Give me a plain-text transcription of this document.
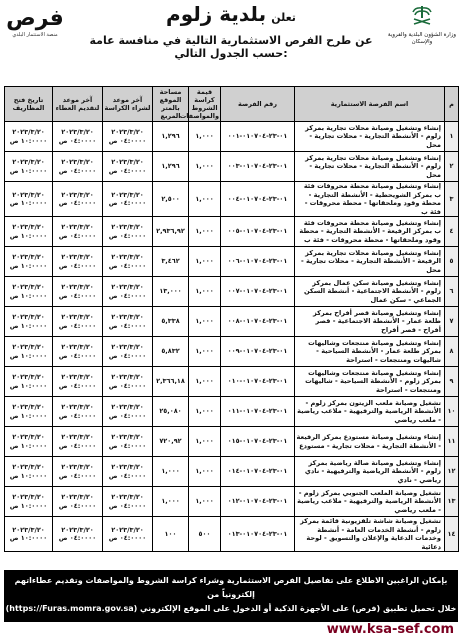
فرص
منصة الاستثمار البلدي
تعلن بلدية زلوم
عن طرح الفرص الاستثمارية التالية في منافسة عامة حسب الجدول التالي:
وزارة الشؤون البلدية والقروية والإسكان
م	اسم الفرصة الاستثمارية	رقم الفرصة	قيمة كراسة الشروط والمواصفات	مساحة الموقع بالمتر المربع	آخر موعد لشراء الكراسة	آخر موعد لتقديم العطاء	تاريخ فتح المظاريف
١	إنشاء وتشغيل وصيانة محلات تجارية بمركز زلوم - الأنشطة التجارية - محلات تجارية - محل	٠١-٢٣-٠١٠٧٠٤-٠٠١	١,٠٠٠	١,٢٩٦	٢٠٢٣/٣/٢٠ ٠٤:٠٠٠٠ ص	٢٠٢٣/٣/٢٠ ٠٤:٠٠٠٠ ص	٢٠٢٣/٣/٢٠ ١٠:٠٠٠٠ ص
٢	إنشاء وتشغيل وصيانة محلات تجارية بمركز زلوم - الأنشطة التجارية - محلات تجارية - محل	٠١-٢٣-٠١٠٧٠٤-٠٠٣	١,٠٠٠	١,٢٩٦	٢٠٢٣/٣/٢٠ ٠٤:٠٠٠٠ ص	٢٠٢٣/٣/٢٠ ٠٤:٠٠٠٠ ص	٢٠٢٣/٣/٢٠ ١٠:٠٠٠٠ ص
٣	إنشاء وتشغيل وصيانة محطة محروقات فئة ب بمركز الشويحطية - الأنشطة التجارية - محطة وقود وملحقاتها - محطة محروقات - فئة ب	٠١-٢٣-٠١٠٧٠٤-٠٠٤	١,٠٠٠	٢,٥٠٠	٢٠٢٣/٣/٢٠ ٠٤:٠٠٠٠ ص	٢٠٢٣/٣/٢٠ ٠٤:٠٠٠٠ ص	٢٠٢٣/٣/٢٠ ١٠:٠٠٠٠ ص
٤	إنشاء وتشغيل وصيانة محطة محروقات فئة ب بمركز الرفيعة - الأنشطة التجارية - محطة وقود وملحقاتها - محطة محروقات - فئة ب	٠١-٢٣-٠١٠٧٠٤-٠٠٥	١,٠٠٠	٢,٩٣٦,٩٢	٢٠٢٣/٣/٢٠ ٠٤:٠٠٠٠ ص	٢٠٢٣/٣/٢٠ ٠٤:٠٠٠٠ ص	٢٠٢٣/٣/٢٠ ١٠:٠٠٠٠ ص
٥	إنشاء وتشغيل وصيانة محلات تجارية بمركز الرفيعة - الأنشطة التجارية - محلات تجارية - محل	٠١-٢٣-٠١٠٧٠٤-٠٠٦	١,٠٠٠	٣,٤٦٢	٢٠٢٣/٣/٢٠ ٠٤:٠٠٠٠ ص	٢٠٢٣/٣/٢٠ ٠٤:٠٠٠٠ ص	٢٠٢٣/٣/٢٠ ١٠:٠٠٠٠ ص
٦	إنشاء وتشغيل وصيانة سكن عمال بمركز زلوم - الأنشطة الاجتماعية - أنشطة السكن الجماعي - سكن عمال	٠١-٢٣-٠١٠٧٠٤-٠٠٧	١,٠٠٠	١٣,٠٠٠	٢٠٢٣/٣/٢٠ ٠٤:٠٠٠٠ ص	٢٠٢٣/٣/٢٠ ٠٤:٠٠٠٠ ص	٢٠٢٣/٣/٢٠ ١٠:٠٠٠٠ ص
٧	إنشاء وتشغيل وصيانة قصر أفراح بمركز طلعة عمار - الأنشطة الاجتماعية - قصر أفراح - قصر أفراح	٠١-٢٣-٠١٠٧٠٤-٠٠٨	١,٠٠٠	٥,٣٣٨	٢٠٢٣/٣/٢٠ ٠٤:٠٠٠٠ ص	٢٠٢٣/٣/٢٠ ٠٤:٠٠٠٠ ص	٢٠٢٣/٣/٢٠ ١٠:٠٠٠٠ ص
٨	إنشاء وتشغيل وصيانة منتجعات وشاليهات بمركز طلعة عمار - الأنشطة السياحية - شاليهات ومنتجعات - استراحة	٠١-٢٣-٠١٠٧٠٤-٠٠٩	١,٠٠٠	٥,٨٣٢	٢٠٢٣/٣/٢٠ ٠٤:٠٠٠٠ ص	٢٠٢٣/٣/٢٠ ٠٤:٠٠٠٠ ص	٢٠٢٣/٣/٢٠ ١٠:٠٠٠٠ ص
٩	إنشاء وتشغيل وصيانة منتجعات وشاليهات بمركز زلوم - الأنشطة السياحية - شاليهات ومنتجعات - استراحة	٠١-٢٣-٠١٠٧٠٤-٠١٠	١,٠٠٠	٢,٣٦٦,١٨	٢٠٢٣/٣/٢٠ ٠٤:٠٠٠٠ ص	٢٠٢٣/٣/٢٠ ٠٤:٠٠٠٠ ص	٢٠٢٣/٣/٢٠ ١٠:٠٠٠٠ ص
١٠	تشغيل وصيانة ملعب الزيتون بمركز زلوم - الأنشطة الرياضية والترفيهية - ملاعب رياضية - ملعب رياضي	٠١-٢٣-٠١٠٧٠٤-٠١١	١,٠٠٠	٢٥,٠٨٠	٢٠٢٣/٣/٢٠ ٠٤:٠٠٠٠ ص	٢٠٢٣/٣/٢٠ ٠٤:٠٠٠٠ ص	٢٠٢٣/٣/٢٠ ١٠:٠٠٠٠ ص
١١	إنشاء وتشغيل وصيانة مستودع بمركز الرفيعة - الأنشطة التجارية - محلات تجارية - مستودع	٠١-٢٣-٠١٠٧٠٤-٠١٥	١,٠٠٠	٧٢٠,٩٢	٢٠٢٣/٣/٢٠ ٠٤:٠٠٠٠ ص	٢٠٢٣/٣/٢٠ ٠٤:٠٠٠٠ ص	٢٠٢٣/٣/٢٠ ١٠:٠٠٠٠ ص
١٢	إنشاء وتشغيل وصيانة صالة رياضية بمركز زلوم - الأنشطة الرياضية والترفيهية - نادي رياضي - نادي	٠١-٢٣-٠١٠٧٠٤-٠١٤	١,٠٠٠	١,٠٠٠	٢٠٢٣/٣/٢٠ ٠٤:٠٠٠٠ ص	٢٠٢٣/٣/٢٠ ٠٤:٠٠٠٠ ص	٢٠٢٣/٣/٢٠ ١٠:٠٠٠٠ ص
١٣	تشغيل وصيانة الملعب الجنوبي بمركز زلوم - الأنشطة الرياضية والترفيهية - ملاعب رياضية - ملعب رياضي	٠١-٢٣-٠١٠٧٠٤-٠١٢	١,٠٠٠	١,٠٠٠	٢٠٢٣/٣/٢٠ ٠٤:٠٠٠٠ ص	٢٠٢٣/٣/٢٠ ٠٤:٠٠٠٠ ص	٢٠٢٣/٣/٢٠ ١٠:٠٠٠٠ ص
١٤	تشغيل وصيانة شاشة تلفزيونية قائمة بمركز زلوم - أنشطة الخدمات العامة - أنشطة وخدمات الدعاية والإعلان والتسويق - لوحة دعائية	٠١-٢٣-٠١٠٧٠٤-٠١٣	٥٠٠	١٠٠	٢٠٢٣/٣/٢٠ ٠٤:٠٠٠٠ ص	٢٠٢٣/٣/٢٠ ٠٤:٠٠٠٠ ص	٢٠٢٣/٣/٢٠ ١٠:٠٠٠٠ ص
بإمكان الراغبين الاطلاع على تفاصيل الفرص الاستثمارية وشراء كراسة الشروط والمواصفات وتقديم عطاءاتهم إلكترونياً من
خلال تحميل تطبيق (فرص) على الأجهزة الذكية أو الدخول على الموقع الإلكتروني (https://Furas.momra.gov.sa)
www.ksa-sef.com
